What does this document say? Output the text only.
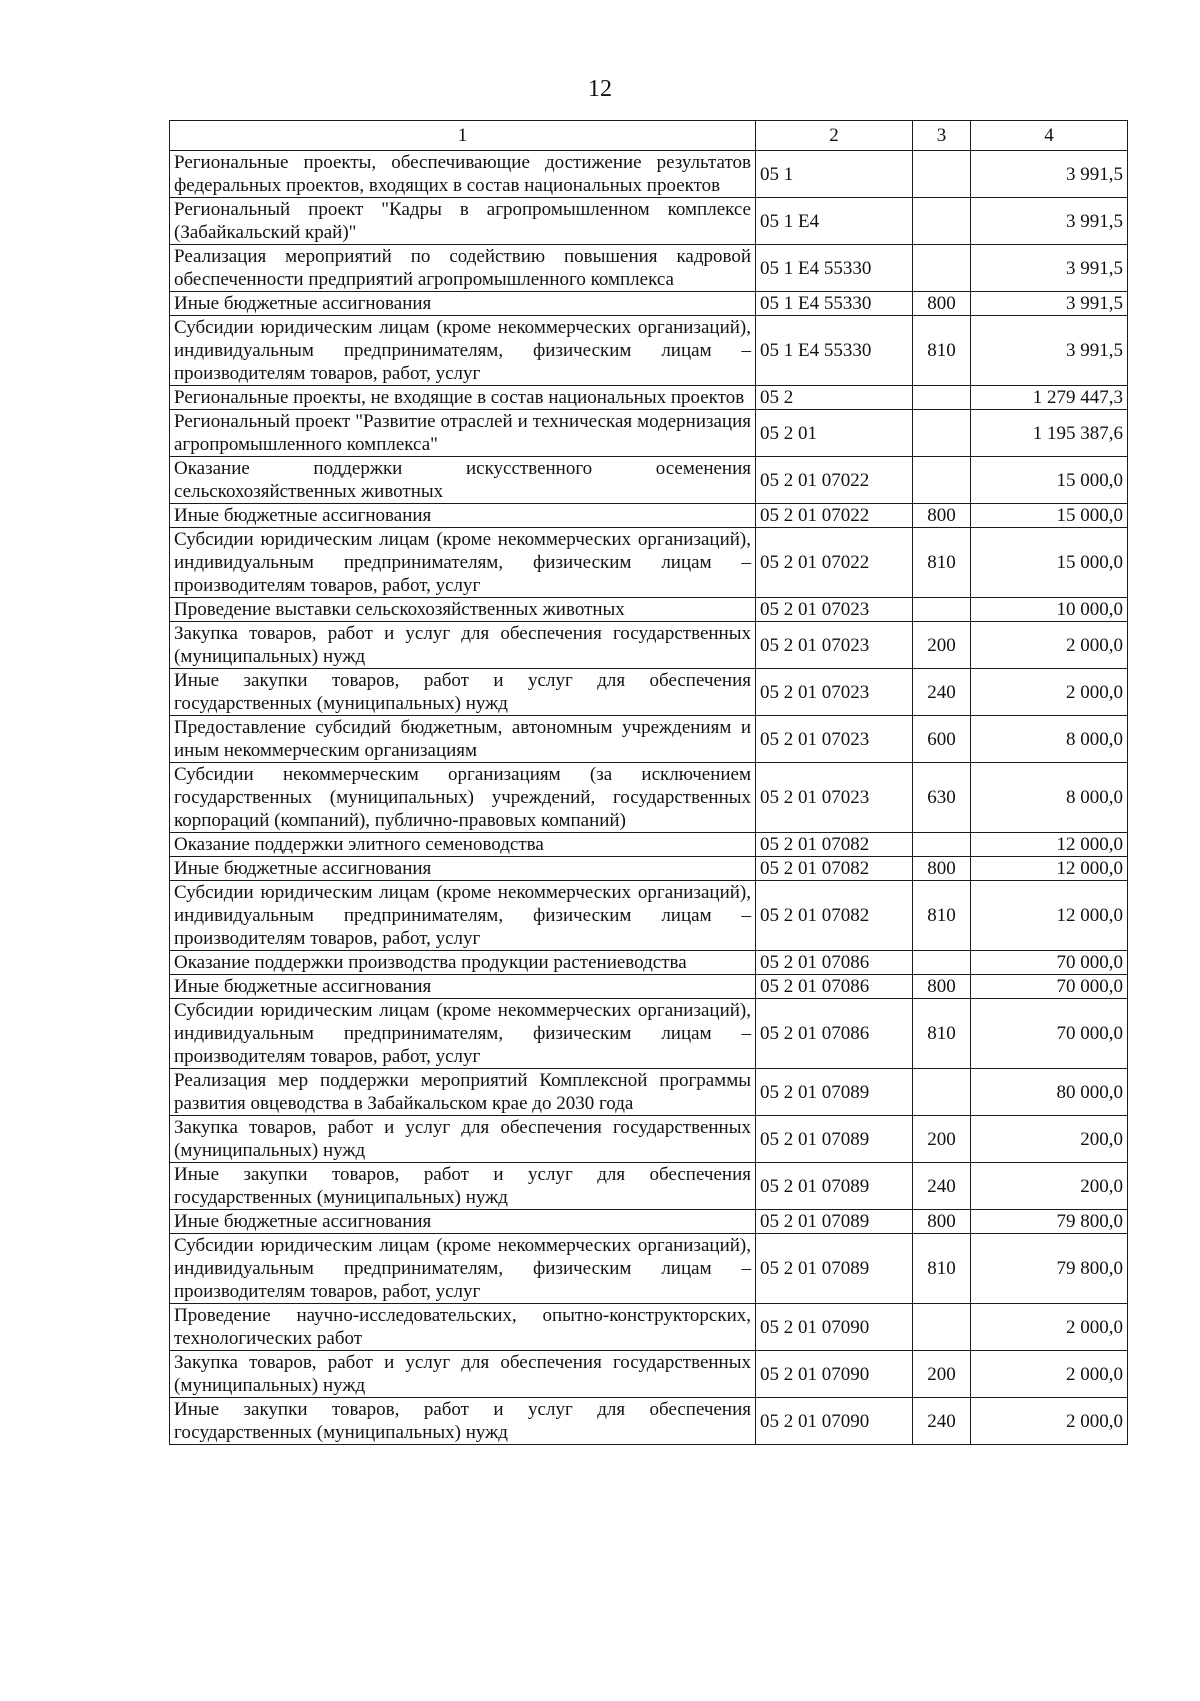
12
1	2	3	4
Региональные проекты, обеспечивающие достижение результатов федеральных проектов, входящих в состав национальных проектов	05 1		3 991,5
Региональный проект "Кадры в агропромышленном комплексе (Забайкальский край)"	05 1 Е4		3 991,5
Реализация мероприятий по содействию повышения кадровой обеспеченности предприятий агропромышленного комплекса	05 1 Е4 55330		3 991,5
Иные бюджетные ассигнования	05 1 Е4 55330	800	3 991,5
Субсидии юридическим лицам (кроме некоммерческих организаций), индивидуальным предпринимателям, физическим лицам – производителям товаров, работ, услуг	05 1 Е4 55330	810	3 991,5
Региональные проекты, не входящие в состав национальных проектов	05 2		1 279 447,3
Региональный проект "Развитие отраслей и техническая модернизация агропромышленного комплекса"	05 2 01		1 195 387,6
Оказание поддержки искусственного осеменения сельскохозяйственных животных	05 2 01 07022		15 000,0
Иные бюджетные ассигнования	05 2 01 07022	800	15 000,0
Субсидии юридическим лицам (кроме некоммерческих организаций), индивидуальным предпринимателям, физическим лицам – производителям товаров, работ, услуг	05 2 01 07022	810	15 000,0
Проведение выставки сельскохозяйственных животных	05 2 01 07023		10 000,0
Закупка товаров, работ и услуг для обеспечения государственных (муниципальных) нужд	05 2 01 07023	200	2 000,0
Иные закупки товаров, работ и услуг для обеспечения государственных (муниципальных) нужд	05 2 01 07023	240	2 000,0
Предоставление субсидий бюджетным, автономным учреждениям и иным некоммерческим организациям	05 2 01 07023	600	8 000,0
Субсидии некоммерческим организациям (за исключением государственных (муниципальных) учреждений, государственных корпораций (компаний), публично-правовых компаний)	05 2 01 07023	630	8 000,0
Оказание поддержки элитного семеноводства	05 2 01 07082		12 000,0
Иные бюджетные ассигнования	05 2 01 07082	800	12 000,0
Субсидии юридическим лицам (кроме некоммерческих организаций), индивидуальным предпринимателям, физическим лицам – производителям товаров, работ, услуг	05 2 01 07082	810	12 000,0
Оказание поддержки производства продукции растениеводства	05 2 01 07086		70 000,0
Иные бюджетные ассигнования	05 2 01 07086	800	70 000,0
Субсидии юридическим лицам (кроме некоммерческих организаций), индивидуальным предпринимателям, физическим лицам – производителям товаров, работ, услуг	05 2 01 07086	810	70 000,0
Реализация мер поддержки мероприятий Комплексной программы развития овцеводства в Забайкальском крае до 2030 года	05 2 01 07089		80 000,0
Закупка товаров, работ и услуг для обеспечения государственных (муниципальных) нужд	05 2 01 07089	200	200,0
Иные закупки товаров, работ и услуг для обеспечения государственных (муниципальных) нужд	05 2 01 07089	240	200,0
Иные бюджетные ассигнования	05 2 01 07089	800	79 800,0
Субсидии юридическим лицам (кроме некоммерческих организаций), индивидуальным предпринимателям, физическим лицам – производителям товаров, работ, услуг	05 2 01 07089	810	79 800,0
Проведение научно-исследовательских, опытно-конструкторских, технологических работ	05 2 01 07090		2 000,0
Закупка товаров, работ и услуг для обеспечения государственных (муниципальных) нужд	05 2 01 07090	200	2 000,0
Иные закупки товаров, работ и услуг для обеспечения государственных (муниципальных) нужд	05 2 01 07090	240	2 000,0
